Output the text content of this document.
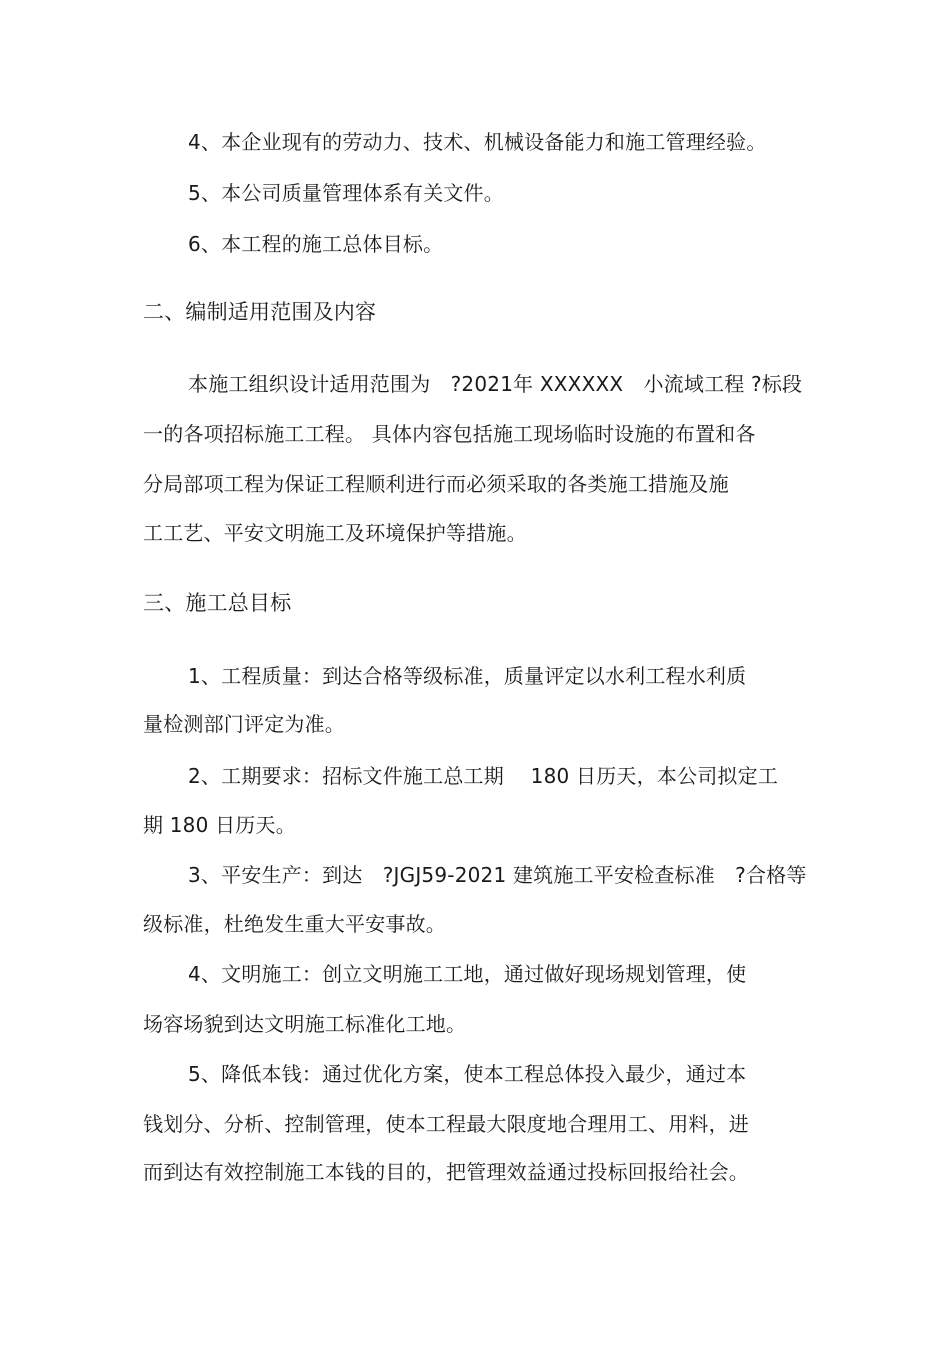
4、本企业现有的劳动力、技术、机械设备能力和施工管理经验。
5、本公司质量管理体系有关文件。
6、本工程的施工总体目标。
二、编制适用范围及内容
本施工组织设计适用范围为　?2021年 XXXXXX　小流域工程 ?标段
一的各项招标施工工程。 具体内容包括施工现场临时设施的布置和各
分局部项工程为保证工程顺利进行而必须采取的各类施工措施及施
工工艺、平安文明施工及环境保护等措施。
三、施工总目标
1、工程质量：到达合格等级标准，质量评定以水利工程水利质
量检测部门评定为准。
2、工期要求：招标文件施工总工期　 180 日历天，本公司拟定工
期 180 日历天。
3、平安生产：到达　?JGJ59-2021 建筑施工平安检查标准　?合格等
级标准，杜绝发生重大平安事故。
4、文明施工：创立文明施工工地，通过做好现场规划管理，使
场容场貌到达文明施工标准化工地。
5、降低本钱：通过优化方案，使本工程总体投入最少，通过本
钱划分、分析、控制管理，使本工程最大限度地合理用工、用料，进
而到达有效控制施工本钱的目的，把管理效益通过投标回报给社会。
